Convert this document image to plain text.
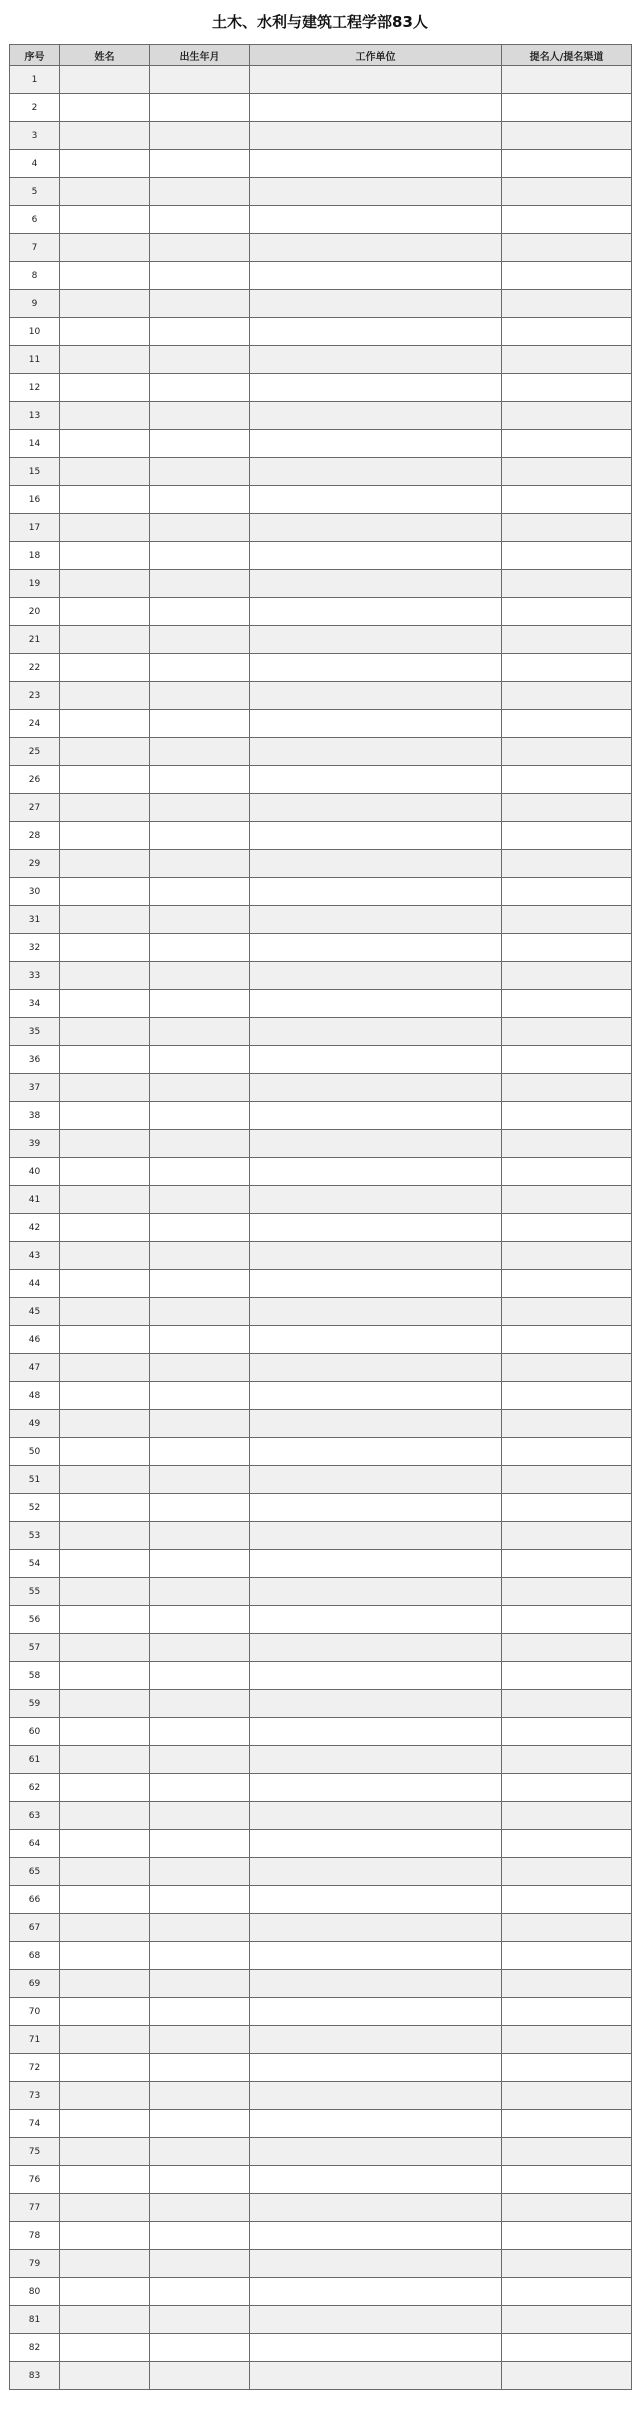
土木、水利与建筑工程学部83人
序号	姓名	出生年月	工作单位	提名人/提名渠道
1				
2				
3				
4				
5				
6				
7				
8				
9				
10				
11				
12				
13				
14				
15				
16				
17				
18				
19				
20				
21				
22				
23				
24				
25				
26				
27				
28				
29				
30				
31				
32				
33				
34				
35				
36				
37				
38				
39				
40				
41				
42				
43				
44				
45				
46				
47				
48				
49				
50				
51				
52				
53				
54				
55				
56				
57				
58				
59				
60				
61				
62				
63				
64				
65				
66				
67				
68				
69				
70				
71				
72				
73				
74				
75				
76				
77				
78				
79				
80				
81				
82				
83				
